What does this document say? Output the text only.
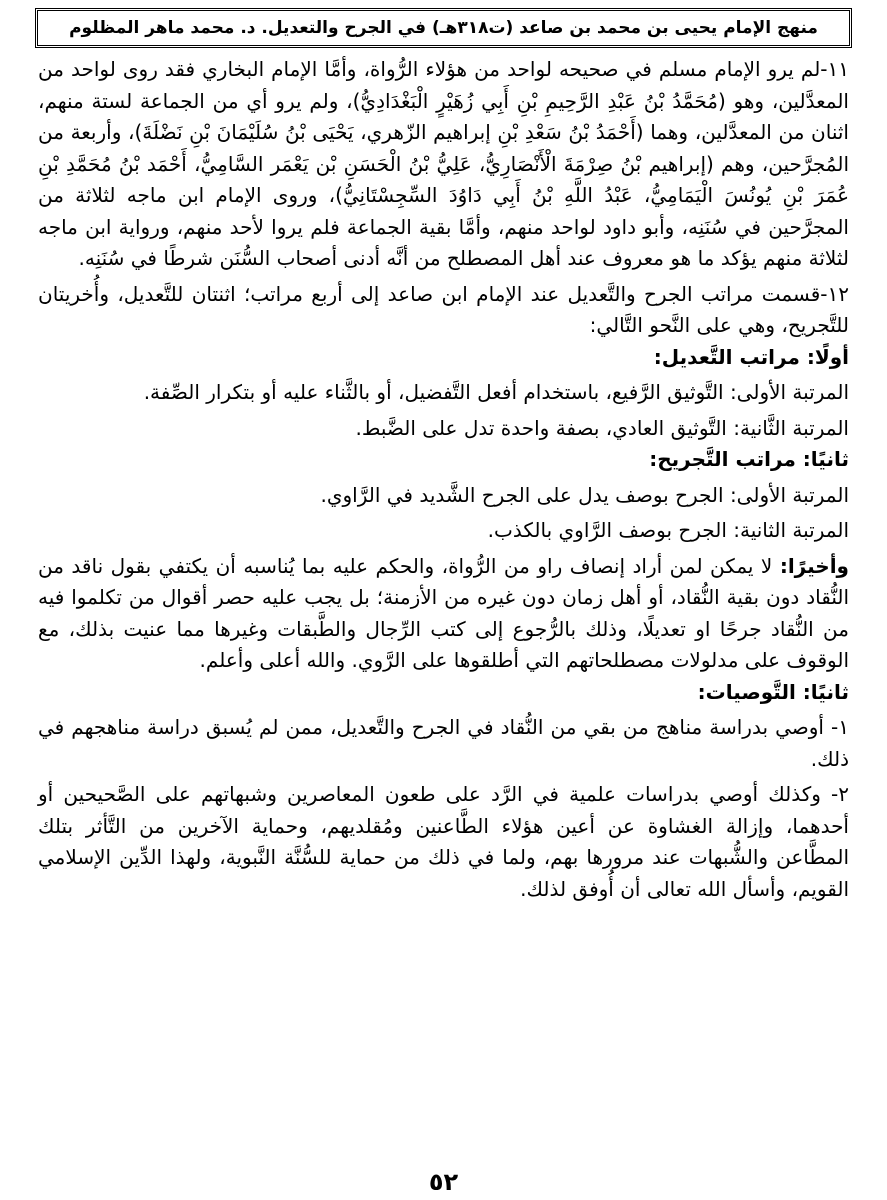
منهج الإمام يحيى بن محمد بن صاعد (ت٣١٨هـ) في الجرح والتعديل. د. محمد ماهر المظلوم

١١-لم يرو الإمام مسلم في صحيحه لواحد من هؤلاء الرُّواة، وأمَّا الإمام البخاري فقد روى لواحد من المعدَّلين، وهو (مُحَمَّدُ بْنُ عَبْدِ الرَّحِيمِ بْنِ أَبِي زُهَيْرٍ الْبَغْدَادِيُّ)، ولم يرو أي من الجماعة لستة منهم، اثنان من المعدَّلين، وهما (أَحْمَدُ بْنُ سَعْدِ بْنِ إبراهيم الزّهري، يَحْيَى بْنُ سُلَيْمَانَ بْنِ نَضْلَةَ)، وأربعة من المُجرَّحين، وهم (إبراهيم بْنُ صِرْمَةَ الْأَنْصَارِيُّ، عَلِيُّ بْنُ الْحَسَنِ بْن يَعْمَر السَّامِيُّ، أَحْمَد بْنُ مُحَمَّدِ بْنِ عُمَرَ بْنِ يُونُسَ الْيَمَامِيُّ، عَبْدُ اللَّهِ بْنُ أَبِي دَاوُدَ السِّجِسْتَانِيُّ)، وروى الإمام ابن ماجه لثلاثة من المجرَّحين في سُنَنِه، وأبو داود لواحد منهم، وأمَّا بقية الجماعة فلم يروا لأحد منهم، ورواية ابن ماجه لثلاثة منهم يؤكد ما هو معروف عند أهل المصطلح من أنَّه أدنى أصحاب السُّنَن شرطًا في سُنَنِه.

١٢-قسمت مراتب الجرح والتَّعديل عند الإمام ابن صاعد إلى أربع مراتب؛ اثنتان للتَّعديل، وأُخريتان للتَّجريح، وهي على النَّحو التَّالي:

أولًا: مراتب التَّعديل:

المرتبة الأولى: التَّوثيق الرَّفيع، باستخدام أفعل التَّفضيل، أو بالثَّناء عليه أو بتكرار الصِّفة.

المرتبة الثَّانية: التَّوثيق العادي، بصفة واحدة تدل على الضَّبط.

ثانيًا: مراتب التَّجريح:

المرتبة الأولى: الجرح بوصف يدل على الجرح الشَّديد في الرَّاوي.

المرتبة الثانية: الجرح بوصف الرَّاوي بالكذب.

وأخيرًا: لا يمكن لمن أراد إنصاف راو من الرُّواة، والحكم عليه بما يُناسبه أن يكتفي بقول ناقد من النُّقاد دون بقية النُّقاد، أو أهل زمان دون غيره من الأزمنة؛ بل يجب عليه حصر أقوال من تكلموا فيه من النُّقاد جرحًا او تعديلًا، وذلك بالرُّجوع إلى كتب الرِّجال والطَّبقات وغيرها مما عنيت بذلك، مع الوقوف على مدلولات مصطلحاتهم التي أطلقوها على الرَّوي. والله أعلى وأعلم.

ثانيًا: التَّوصيات:

١- أوصي بدراسة مناهج من بقي من النُّقاد في الجرح والتَّعديل، ممن لم يُسبق دراسة مناهجهم في ذلك.

٢- وكذلك أوصي بدراسات علمية في الرَّد على طعون المعاصرين وشبهاتهم على الصَّحيحين أو أحدهما، وإزالة الغشاوة عن أعين هؤلاء الطَّاعنين ومُقلديهم، وحماية الآخرين من التَّأثر بتلك المطَّاعن والشُّبهات عند مرورها بهم، ولما في ذلك من حماية للسُّنَّة النَّبوية، ولهذا الدِّين الإسلامي القويم، وأسأل الله تعالى أن أُوفق لذلك.

٥٢
